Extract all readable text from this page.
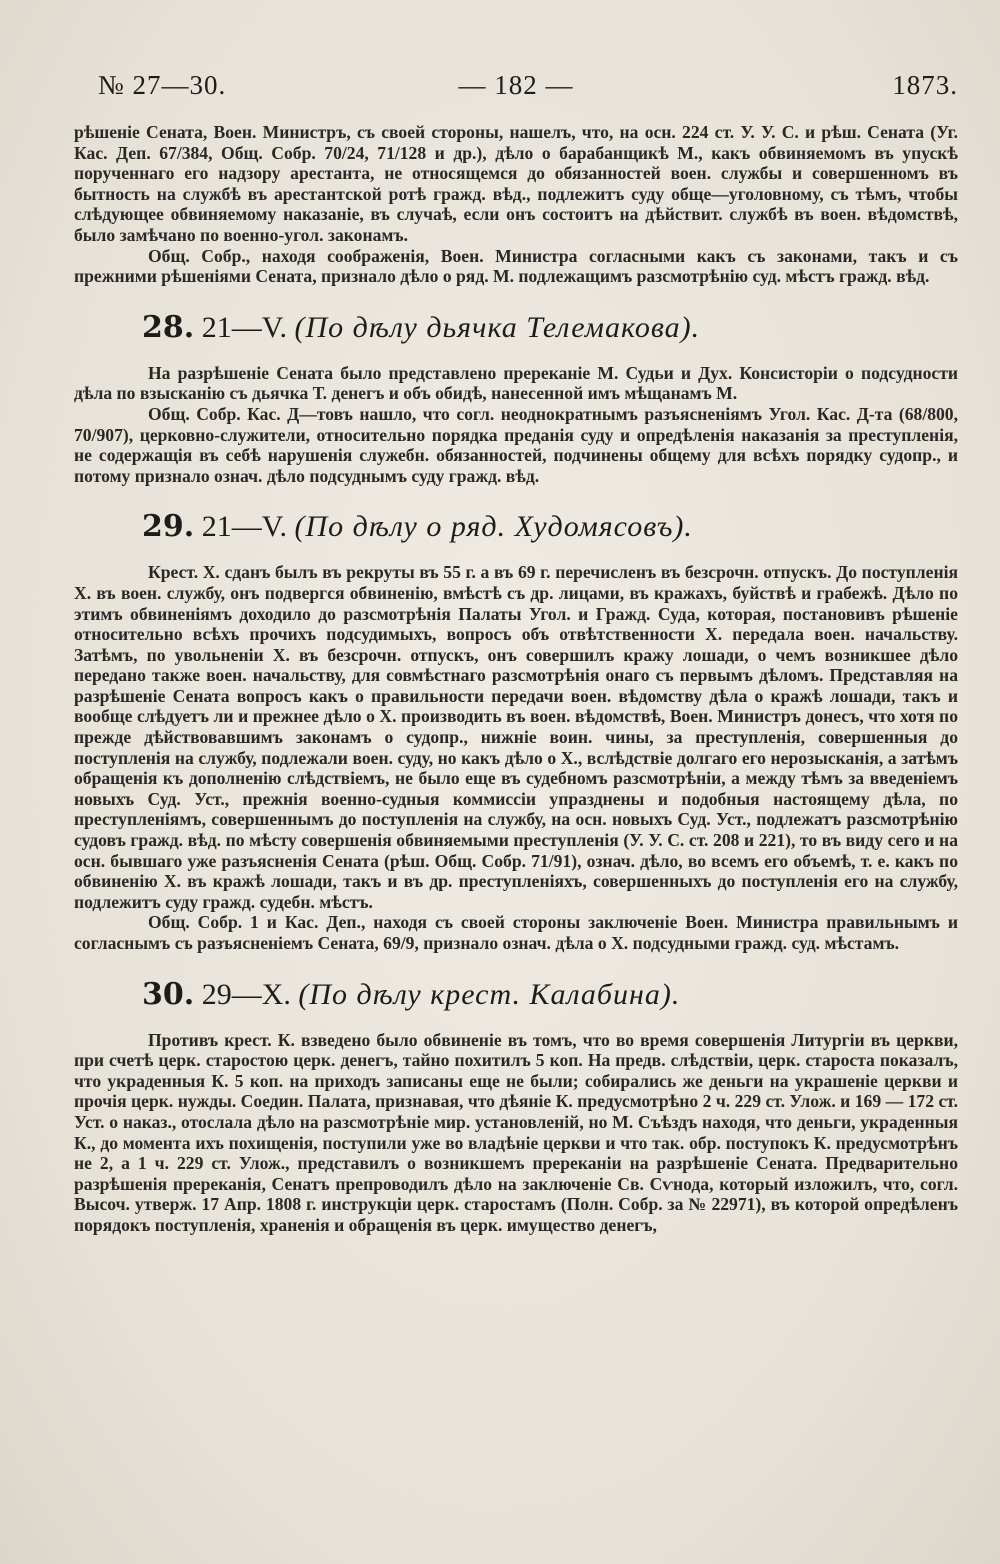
№ 27—30.	— 182 —	1873.

рѣшеніе Сената, Воен. Министръ, съ своей стороны, нашелъ, что, на осн. 224 ст. У. У. С. и рѣш. Сената (Уг. Кас. Деп. 67/384, Общ. Собр. 70/24, 71/128 и др.), дѣло о барабанщикѣ М., какъ обвиняемомъ въ упускѣ порученнаго его надзору арестанта, не относящемся до обязанностей воен. службы и совершенномъ въ бытность на службѣ въ арестантской ротѣ гражд. вѣд., подлежитъ суду обще—уголовному, съ тѣмъ, чтобы слѣдующее обвиняемому наказаніе, въ случаѣ, если онъ состоитъ на дѣйствит. службѣ въ воен. вѣдомствѣ, было замѣчано по военно-угол. законамъ.

Общ. Собр., находя соображенія, Воен. Министра согласными какъ съ законами, такъ и съ прежними рѣшеніями Сената, признало дѣло о ряд. М. подлежащимъ разсмотрѣнію суд. мѣстъ гражд. вѣд.

28. 21—V. (По дѣлу дьячка Телемакова).

На разрѣшеніе Сената было представлено пререканіе М. Судьи и Дух. Консисторіи о подсудности дѣла по взысканію съ дьячка Т. денегъ и объ обидѣ, нанесенной имъ мѣщанамъ М.

Общ. Собр. Кас. Д—товъ нашло, что согл. неоднократнымъ разъясненіямъ Угол. Кас. Д-та (68/800, 70/907), церковно-служители, относительно порядка преданія суду и опредѣленія наказанія за преступленія, не содержащія въ себѣ нарушенія служебн. обязанностей, подчинены общему для всѣхъ порядку судопр., и потому признало означ. дѣло подсуднымъ суду гражд. вѣд.

29. 21—V. (По дѣлу о ряд. Худомясовъ).

Крест. Х. сданъ былъ въ рекруты въ 55 г. а въ 69 г. перечисленъ въ безсрочн. отпускъ. До поступленія Х. въ воен. службу, онъ подвергся обвиненію, вмѣстѣ съ др. лицами, въ кражахъ, буйствѣ и грабежѣ. Дѣло по этимъ обвиненіямъ доходило до разсмотрѣнія Палаты Угол. и Гражд. Суда, которая, постановивъ рѣшеніе относительно всѣхъ прочихъ подсудимыхъ, вопросъ объ отвѣтственности Х. передала воен. начальству. Затѣмъ, по увольненіи Х. въ безсрочн. отпускъ, онъ совершилъ кражу лошади, о чемъ возникшее дѣло передано также воен. начальству, для совмѣстнаго разсмотрѣнія онаго съ первымъ дѣломъ. Представляя на разрѣшеніе Сената вопросъ какъ о правильности передачи воен. вѣдомству дѣла о кражѣ лошади, такъ и вообще слѣдуетъ ли и прежнее дѣло о Х. производить въ воен. вѣдомствѣ, Воен. Министръ донесъ, что хотя по прежде дѣйствовавшимъ законамъ о судопр., нижніе воин. чины, за преступленія, совершенныя до поступленія на службу, подлежали воен. суду, но какъ дѣло о Х., вслѣдствіе долгаго его нерозысканія, а затѣмъ обращенія къ дополненію слѣдствіемъ, не было еще въ судебномъ разсмотрѣніи, а между тѣмъ за введеніемъ новыхъ Суд. Уст., прежнія военно-судныя коммиссіи упразднены и подобныя настоящему дѣла, по преступленіямъ, совершеннымъ до поступленія на службу, на осн. новыхъ Суд. Уст., подлежатъ разсмотрѣнію судовъ гражд. вѣд. по мѣсту совершенія обвиняемыми преступленія (У. У. С. ст. 208 и 221), то въ виду сего и на осн. бывшаго уже разъясненія Сената (рѣш. Общ. Собр. 71/91), означ. дѣло, во всемъ его объемѣ, т. е. какъ по обвиненію Х. въ кражѣ лошади, такъ и въ др. преступленіяхъ, совершенныхъ до поступленія его на службу, подлежитъ суду гражд. судебн. мѣстъ.

Общ. Собр. 1 и Кас. Деп., находя съ своей стороны заключеніе Воен. Министра правильнымъ и согласнымъ съ разъясненіемъ Сената, 69/9, признало означ. дѣла о Х. подсудными гражд. суд. мѣстамъ.

30. 29—X. (По дѣлу крест. Калабина).

Противъ крест. К. взведено было обвиненіе въ томъ, что во время совершенія Литургіи въ церкви, при счетѣ церк. старостою церк. денегъ, тайно похитилъ 5 коп. На предв. слѣдствіи, церк. староста показалъ, что украденныя К. 5 коп. на приходъ записаны еще не были; собирались же деньги на украшеніе церкви и прочія церк. нужды. Соедин. Палата, признавая, что дѣяніе К. предусмотрѣно 2 ч. 229 ст. Улож. и 169 — 172 ст. Уст. о наказ., отослала дѣло на разсмотрѣніе мир. установленій, но М. Съѣздъ находя, что деньги, украденныя К., до момента ихъ похищенія, поступили уже во владѣніе церкви и что так. обр. поступокъ К. предусмотрѣнъ не 2, а 1 ч. 229 ст. Улож., представилъ о возникшемъ пререканіи на разрѣшеніе Сената. Предварительно разрѣшенія пререканія, Сенатъ препроводилъ дѣло на заключеніе Св. Сѵнода, который изложилъ, что, согл. Высоч. утверж. 17 Апр. 1808 г. инструкціи церк. старостамъ (Полн. Собр. за № 22971), въ которой опредѣленъ порядокъ поступленія, храненія и обращенія въ церк. имущество денегъ,
